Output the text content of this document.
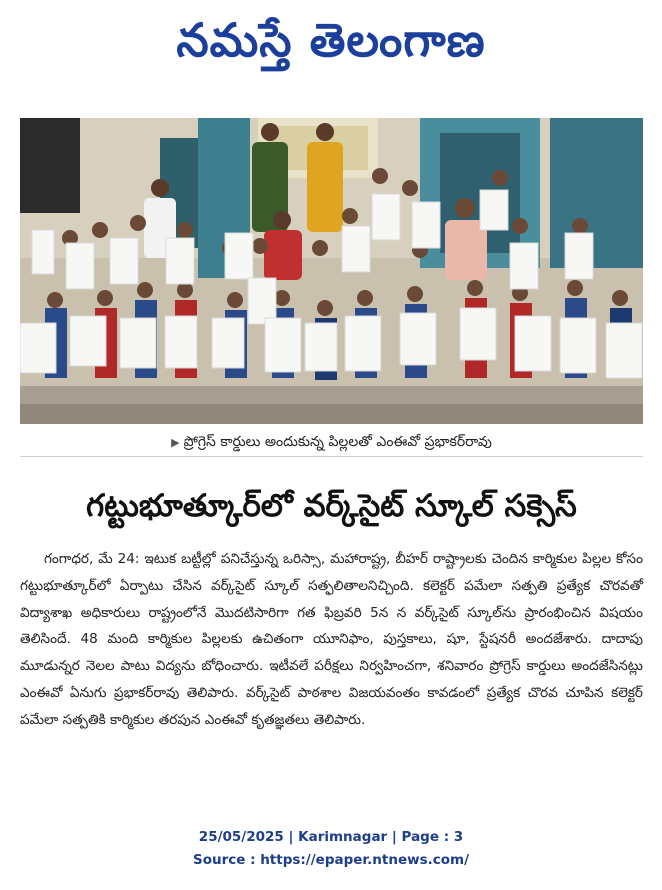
నమస్తే తెలంగాణ
▶ ప్రోగ్రెస్ కార్డులు అందుకున్న పిల్లలతో ఎంఈవో ప్రభాకర్‌రావు
గట్టుభూత్కూర్‌లో వర్క్‌సైట్ స్కూల్ సక్సెస్
గంగాధర, మే 24: ఇటుక బట్టీల్లో పనిచేస్తున్న ఒరిస్సా, మహారాష్ట్ర, బీహర్ రాష్ట్రాలకు చెందిన కార్మికుల పిల్లల కోసం గట్టుభూత్కూర్‌లో ఏర్పాటు చేసిన వర్క్‌సైట్ స్కూల్ సత్ఫలితాలనిచ్చింది. కలెక్టర్ పమేలా సత్పతి ప్రత్యేక చొరవతో విద్యాశాఖ అధికారులు రాష్ట్రంలోనే మొదటిసారిగా గత ఫిబ్రవరి 5న న వర్క్‌సైట్ స్కూల్‌ను ప్రారంభించిన విషయం తెలిసిందే. 48 మంది కార్మికుల పిల్లలకు ఉచితంగా యూనిఫాం, పుస్తకాలు, షూ, స్టేషనరీ అందజేశారు. దాదాపు మూడున్నర నెలల పాటు విద్యను బోధించారు. ఇటీవలే పరీక్షలు నిర్వహించగా, శనివారం ప్రోగ్రెస్ కార్డులు అందజేసినట్లు ఎంఈవో ఏనుగు ప్రభాకర్‌రావు తెలిపారు. వర్క్‌సైట్ పాఠశాల విజయవంతం కావడంలో ప్రత్యేక చొరవ చూపిన కలెక్టర్ పమేలా సత్పతికి కార్మికుల తరపున ఎంఈవో కృతజ్ఞతలు తెలిపారు.
25/05/2025 | Karimnagar | Page : 3
Source : https://epaper.ntnews.com/
